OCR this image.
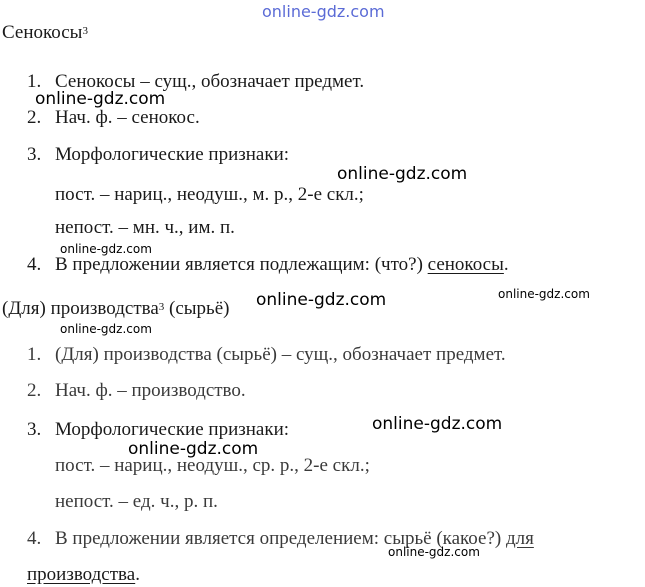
online-gdz.com
Сенокосы$^3$
1. Сенокосы – сущ., обозначает предмет.
online-gdz.com
2. Нач. ф. – сенокос.
3. Морфологические признаки:
online-gdz.com
пост. – нариц., неодуш., м. р., 2-е скл.;
непост. – мн. ч., им. п.
online-gdz.com
4. В предложении является подлежащим: (что?) сенокосы.
online-gdz.com
(Для) производства$^3$ (сырьё) online-gdz.com
online-gdz.com
1. (Для) производства (сырьё) – сущ., обозначает предмет.
2. Нач. ф. – производство.
online-gdz.com
3. Морфологические признаки:
online-gdz.com
пост. – нариц., неодуш., ср. р., 2-е скл.;
непост. – ед. ч., р. п.
4. В предложении является определением: сырьё (какое?) для
online-gdz.com
производства.
